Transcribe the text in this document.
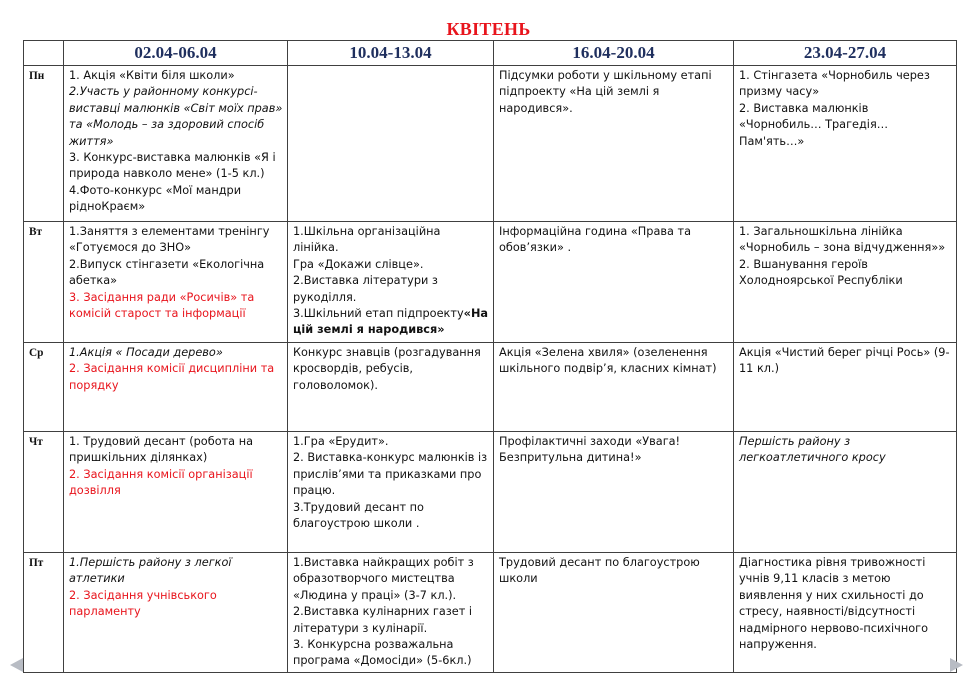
КВІТЕНЬ
	02.04-06.04	10.04-13.04	16.04-20.04	23.04-27.04
Пн	1. Акція «Квіти біля школи»
2.Участь у районному конкурсі-виставці малюнків «Світ моїх прав» та «Молодь – за здоровий спосіб життя»
3. Конкурс-виставка малюнків «Я і природа навколо мене» (1-5 кл.)
4.Фото-конкурс «Мої мандри рідноКраєм»		Підсумки роботи у шкільному етапі підпроекту «На цій землі я народився».	1. Стінгазета «Чорнобиль через призму часу»
2. Виставка малюнків «Чорнобиль… Трагедія… Пам'ять…»

Вт	1.Заняття з елементами тренінгу «Готуємося до ЗНО»
2.Випуск стінгазети «Екологічна абетка»
3. Засідання ради «Росичів» та комісій старост та інформації	1.Шкільна організаційна лінійка.
Гра «Докажи слівце».
2.Виставка літератури з рукоділля.
3.Шкільний етап підпроекту«На цій землі я народився»	Інформаційна година «Права та обов’язки» .	1. Загальношкільна лінійка «Чорнобиль – зона відчудження»»
2. Вшанування героїв Холодноярської Республіки

Ср	1.Акція « Посади дерево»
2. Засідання комісії дисципліни та порядку	Конкурс знавців (розгадування кросвордів, ребусів, головоломок).	Акція «Зелена хвиля» (озеленення шкільного подвір’я, класних кімнат)	Акція «Чистий берег річці Рось» (9-11 кл.)

Чт	1. Трудовий десант (робота на пришкільних ділянках)
2. Засідання комісії організації дозвілля	1.Гра «Ерудит».
2. Виставка-конкурс малюнків із прислів’ями та приказками про працю.
3.Трудовий десант по благоустрою школи .	Профілактичні заходи «Увага! Безпритульна дитина!»	Першість району з легкоатлетичного кросу

Пт	1.Першість району з легкої атлетики
2. Засідання учнівського парламенту	1.Виставка найкращих робіт з образотворчого мистецтва «Людина у праці» (3-7 кл.).
2.Виставка кулінарних газет і літератури з кулінарії.
3. Конкурсна розважальна програма «Домосіди» (5-6кл.)	Трудовий десант по благоустрою школи	Діагностика рівня тривожності учнів 9,11 класів з метою виявлення у них схильності до стресу, наявності/відсутності надмірного нервово-психічного напруження.
